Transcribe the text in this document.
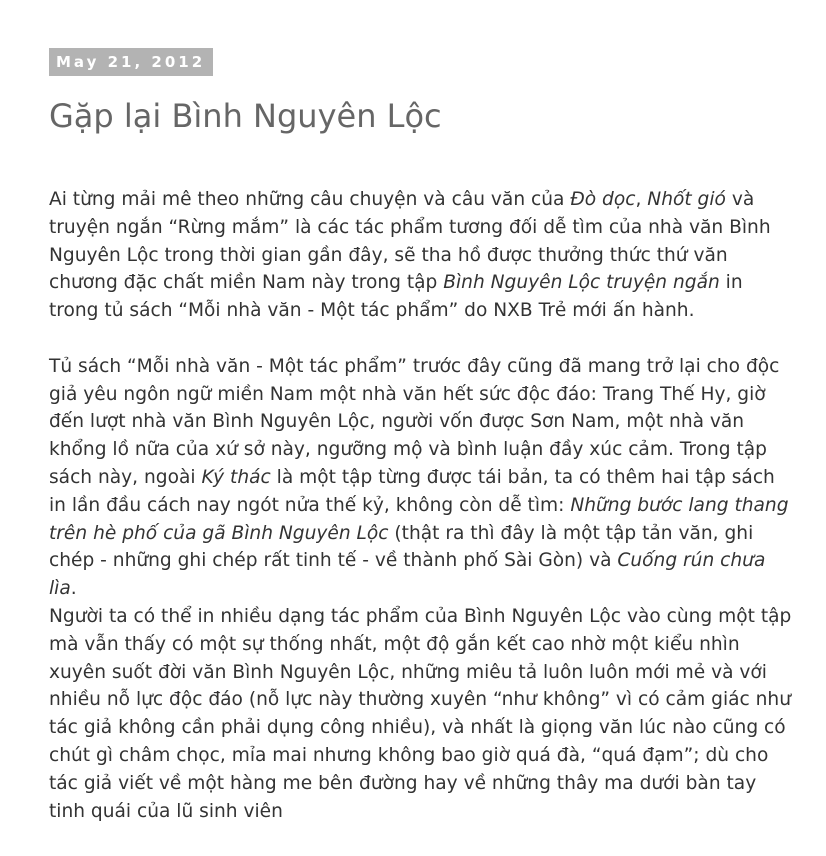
May 21, 2012
Gặp lại Bình Nguyên Lộc

Ai từng mải mê theo những câu chuyện và câu văn của Đò dọc, Nhốt gió và truyện ngắn “Rừng mắm” là các tác phẩm tương đối dễ tìm của nhà văn Bình Nguyên Lộc trong thời gian gần đây, sẽ tha hồ được thưởng thức thứ văn chương đặc chất miền Nam này trong tập Bình Nguyên Lộc truyện ngắn in trong tủ sách “Mỗi nhà văn - Một tác phẩm” do NXB Trẻ mới ấn hành.

Tủ sách “Mỗi nhà văn - Một tác phẩm” trước đây cũng đã mang trở lại cho độc giả yêu ngôn ngữ miền Nam một nhà văn hết sức độc đáo: Trang Thế Hy, giờ đến lượt nhà văn Bình Nguyên Lộc, người vốn được Sơn Nam, một nhà văn khổng lồ nữa của xứ sở này, ngưỡng mộ và bình luận đầy xúc cảm. Trong tập sách này, ngoài Ký thác là một tập từng được tái bản, ta có thêm hai tập sách in lần đầu cách nay ngót nửa thế kỷ, không còn dễ tìm: Những bước lang thang trên hè phố của gã Bình Nguyên Lộc (thật ra thì đây là một tập tản văn, ghi chép - những ghi chép rất tinh tế - về thành phố Sài Gòn) và Cuống rún chưa lìa.

Người ta có thể in nhiều dạng tác phẩm của Bình Nguyên Lộc vào cùng một tập mà vẫn thấy có một sự thống nhất, một độ gắn kết cao nhờ một kiểu nhìn xuyên suốt đời văn Bình Nguyên Lộc, những miêu tả luôn luôn mới mẻ và với nhiều nỗ lực độc đáo (nỗ lực này thường xuyên “như không” vì có cảm giác như tác giả không cần phải dụng công nhiều), và nhất là giọng văn lúc nào cũng có chút gì châm chọc, mỉa mai nhưng không bao giờ quá đà, “quá đạm”; dù cho tác giả viết về một hàng me bên đường hay về những thây ma dưới bàn tay tinh quái của lũ sinh viên
